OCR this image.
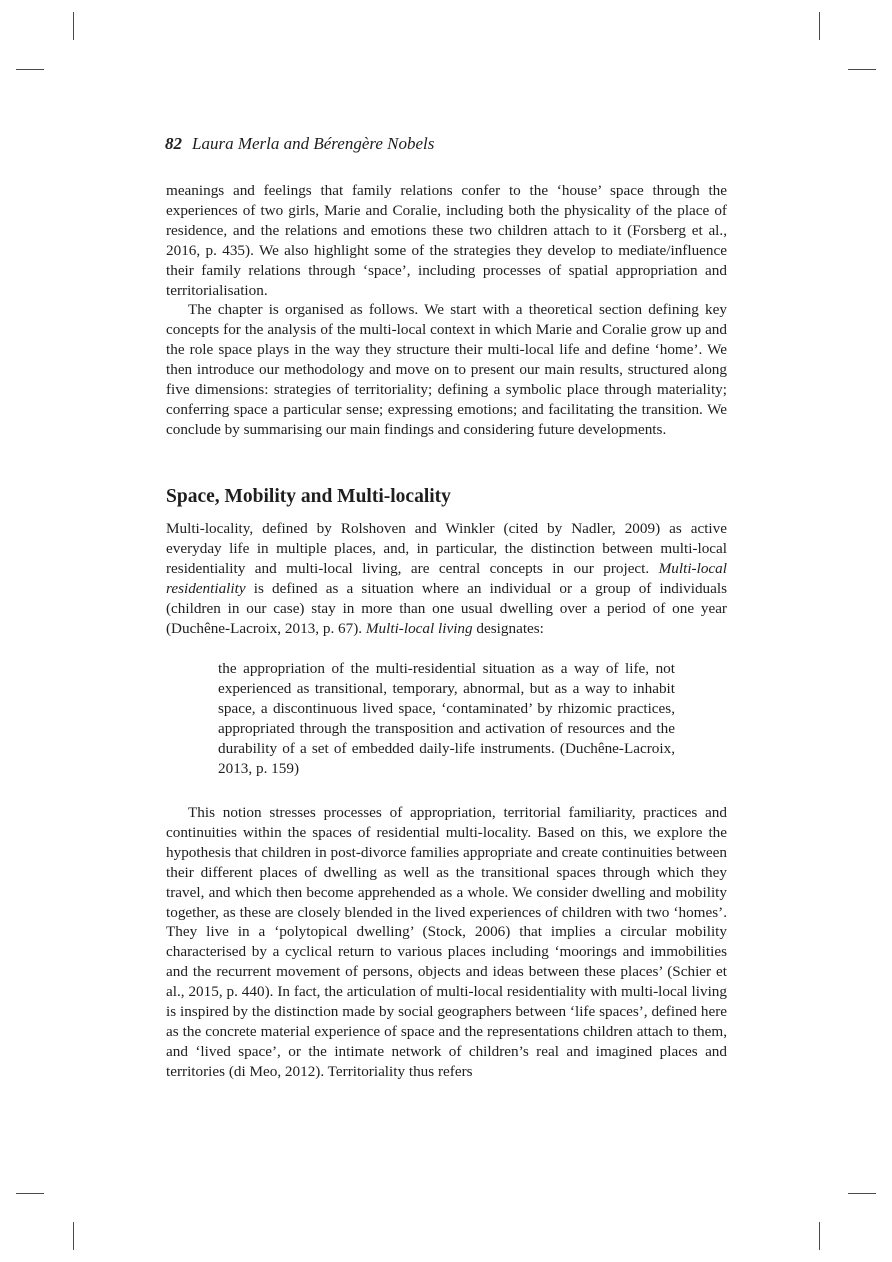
82 Laura Merla and Bérengère Nobels

meanings and feelings that family relations confer to the ‘house’ space through the experiences of two girls, Marie and Coralie, including both the physicality of the place of residence, and the relations and emotions these two children attach to it (Forsberg et al., 2016, p. 435). We also highlight some of the strategies they develop to mediate/influence their family relations through ‘space’, including processes of spatial appropriation and territorialisation.

The chapter is organised as follows. We start with a theoretical section defining key concepts for the analysis of the multi-local context in which Marie and Coralie grow up and the role space plays in the way they structure their multi-local life and define ‘home’. We then introduce our methodology and move on to present our main results, structured along five dimensions: strategies of territoriality; defining a symbolic place through materiality; conferring space a particular sense; expressing emotions; and facilitating the transition. We conclude by summarising our main findings and considering future developments.

Space, Mobility and Multi-locality

Multi-locality, defined by Rolshoven and Winkler (cited by Nadler, 2009) as active everyday life in multiple places, and, in particular, the distinction between multi-local residentiality and multi-local living, are central concepts in our project. Multi-local residentiality is defined as a situation where an individual or a group of individuals (children in our case) stay in more than one usual dwelling over a period of one year (Duchêne-Lacroix, 2013, p. 67). Multi-local living designates:

the appropriation of the multi-residential situation as a way of life, not experienced as transitional, temporary, abnormal, but as a way to inhabit space, a discontinuous lived space, ‘contaminated’ by rhizomic practices, appropriated through the transposition and activation of resources and the durability of a set of embedded daily-life instruments. (Duchêne-Lacroix, 2013, p. 159)

This notion stresses processes of appropriation, territorial familiarity, practices and continuities within the spaces of residential multi-locality. Based on this, we explore the hypothesis that children in post-divorce families appropriate and create continuities between their different places of dwelling as well as the transitional spaces through which they travel, and which then become apprehended as a whole. We consider dwelling and mobility together, as these are closely blended in the lived experiences of children with two ‘homes’. They live in a ‘polytopical dwelling’ (Stock, 2006) that implies a circular mobility characterised by a cyclical return to various places including ‘moorings and immobilities and the recurrent movement of persons, objects and ideas between these places’ (Schier et al., 2015, p. 440). In fact, the articulation of multi-local residentiality with multi-local living is inspired by the distinction made by social geographers between ‘life spaces’, defined here as the concrete material experience of space and the representations children attach to them, and ‘lived space’, or the intimate network of children’s real and imagined places and territories (di Meo, 2012). Territoriality thus refers
